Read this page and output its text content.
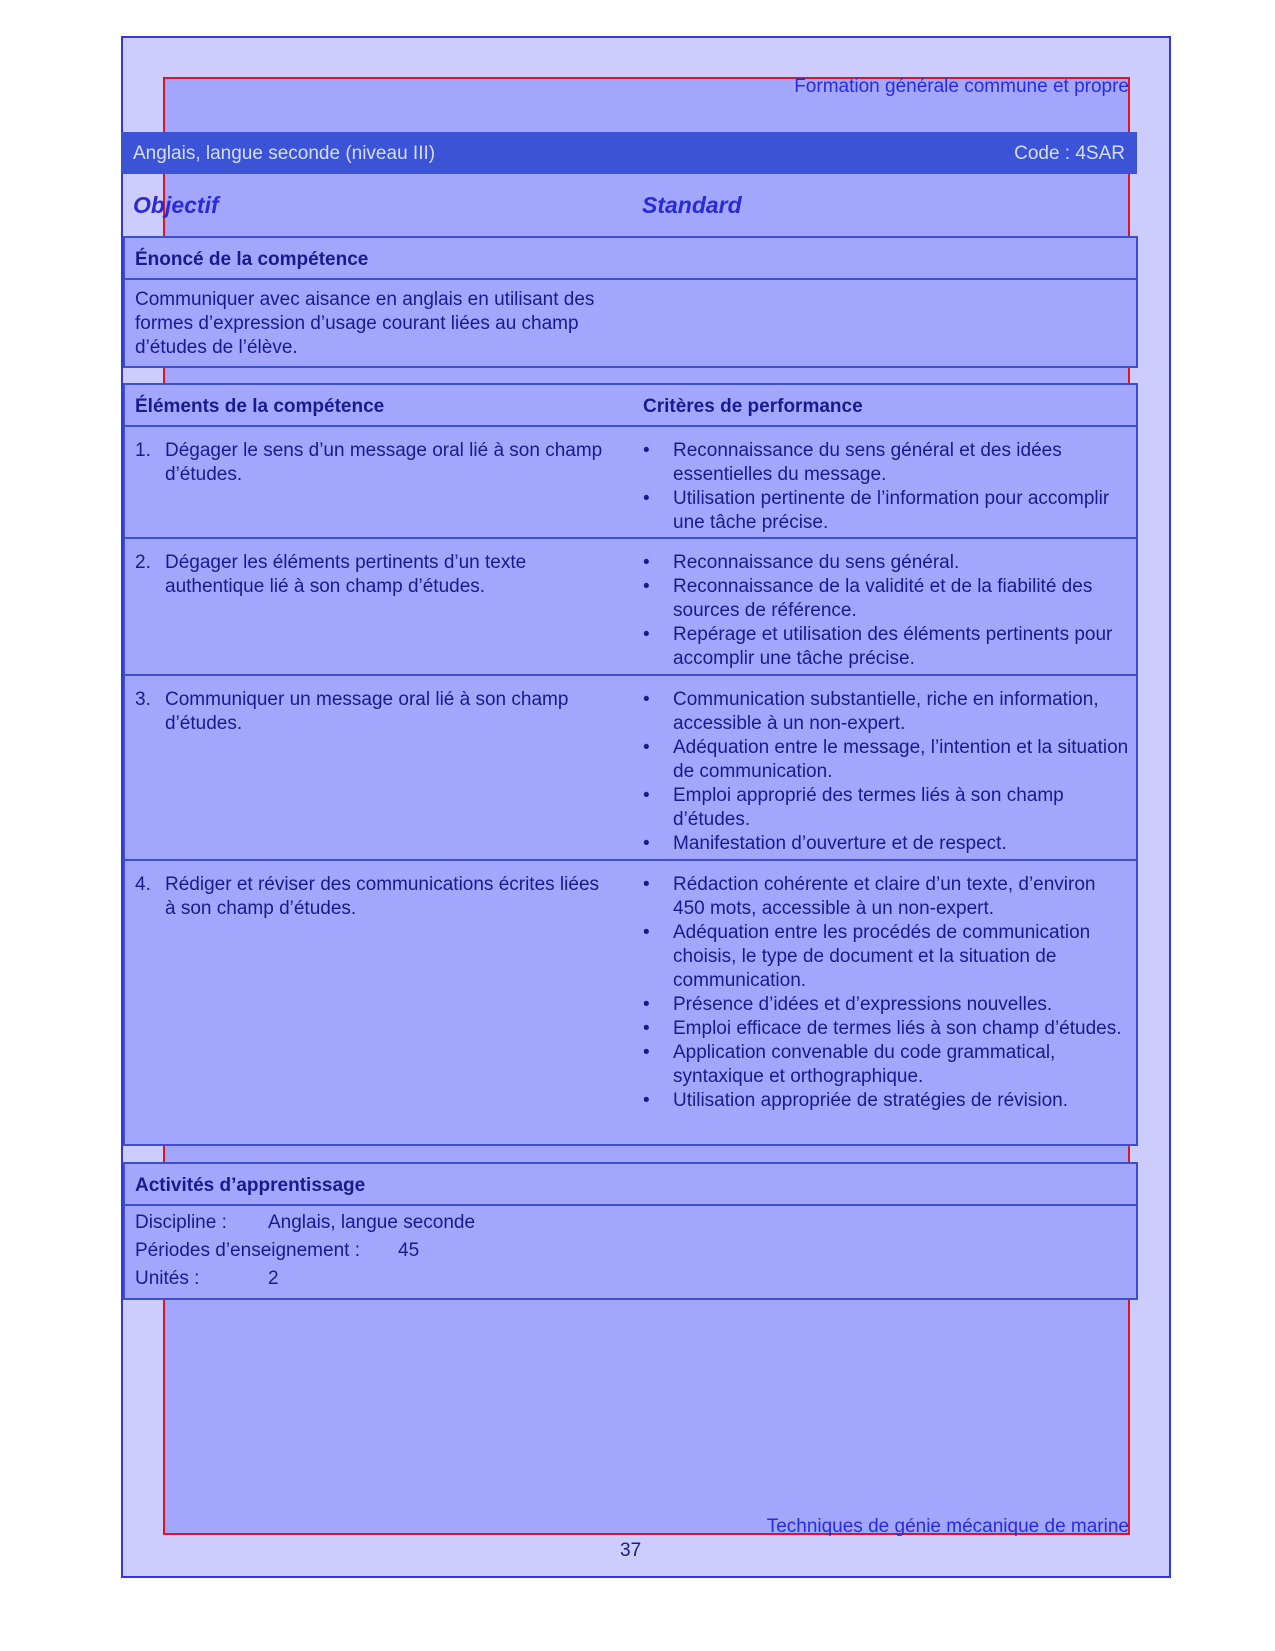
Formation générale commune et propre
Anglais, langue seconde (niveau III)	Code : 4SAR
Objectif	Standard
Énoncé de la compétence
Communiquer avec aisance en anglais en utilisant des formes d’expression d’usage courant liées au champ d’études de l’élève.
Éléments de la compétence	Critères de performance
1. Dégager le sens d’un message oral lié à son champ d’études.
• Reconnaissance du sens général et des idées essentielles du message.
• Utilisation pertinente de l’information pour accomplir une tâche précise.
2. Dégager les éléments pertinents d’un texte authentique lié à son champ d’études.
• Reconnaissance du sens général.
• Reconnaissance de la validité et de la fiabilité des sources de référence.
• Repérage et utilisation des éléments pertinents pour accomplir une tâche précise.
3. Communiquer un message oral lié à son champ d’études.
• Communication substantielle, riche en information, accessible à un non-expert.
• Adéquation entre le message, l’intention et la situation de communication.
• Emploi approprié des termes liés à son champ d’études.
• Manifestation d’ouverture et de respect.
4. Rédiger et réviser des communications écrites liées à son champ d’études.
• Rédaction cohérente et claire d’un texte, d’environ 450 mots, accessible à un non-expert.
• Adéquation entre les procédés de communication choisis, le type de document et la situation de communication.
• Présence d’idées et d’expressions nouvelles.
• Emploi efficace de termes liés à son champ d’études.
• Application convenable du code grammatical, syntaxique et orthographique.
• Utilisation appropriée de stratégies de révision.
Activités d’apprentissage
Discipline : Anglais, langue seconde
Périodes d’enseignement : 45
Unités :	2
Techniques de génie mécanique de marine
37
